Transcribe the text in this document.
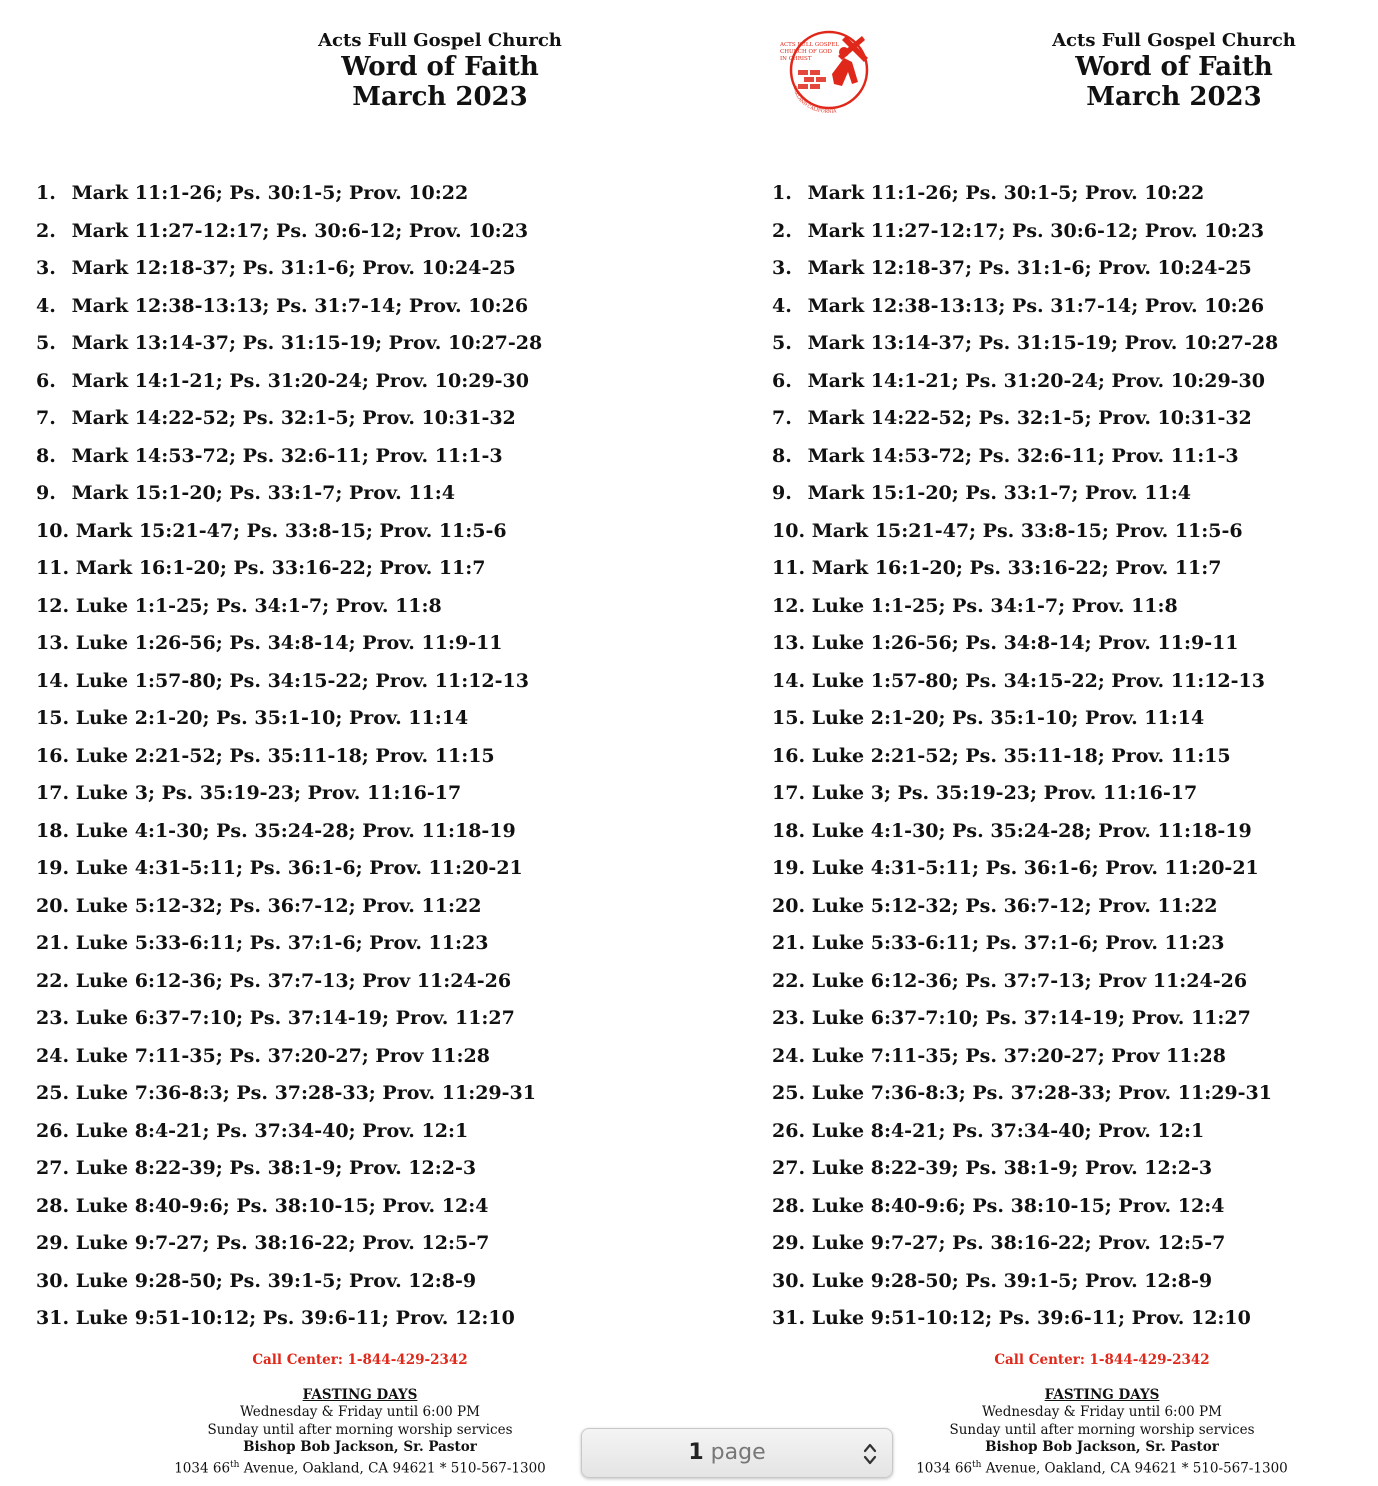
Acts Full Gospel Church
Word of Faith
March 2023
1. Mark 11:1-26; Ps. 30:1-5; Prov. 10:22
2. Mark 11:27-12:17; Ps. 30:6-12; Prov. 10:23
3. Mark 12:18-37; Ps. 31:1-6; Prov. 10:24-25
4. Mark 12:38-13:13; Ps. 31:7-14; Prov. 10:26
5. Mark 13:14-37; Ps. 31:15-19; Prov. 10:27-28
6. Mark 14:1-21; Ps. 31:20-24; Prov. 10:29-30
7. Mark 14:22-52; Ps. 32:1-5; Prov. 10:31-32
8. Mark 14:53-72; Ps. 32:6-11; Prov. 11:1-3
9. Mark 15:1-20; Ps. 33:1-7; Prov. 11:4
10. Mark 15:21-47; Ps. 33:8-15; Prov. 11:5-6
11. Mark 16:1-20; Ps. 33:16-22; Prov. 11:7
12. Luke 1:1-25; Ps. 34:1-7; Prov. 11:8
13. Luke 1:26-56; Ps. 34:8-14; Prov. 11:9-11
14. Luke 1:57-80; Ps. 34:15-22; Prov. 11:12-13
15. Luke 2:1-20; Ps. 35:1-10; Prov. 11:14
16. Luke 2:21-52; Ps. 35:11-18; Prov. 11:15
17. Luke 3; Ps. 35:19-23; Prov. 11:16-17
18. Luke 4:1-30; Ps. 35:24-28; Prov. 11:18-19
19. Luke 4:31-5:11; Ps. 36:1-6; Prov. 11:20-21
20. Luke 5:12-32; Ps. 36:7-12; Prov. 11:22
21. Luke 5:33-6:11; Ps. 37:1-6; Prov. 11:23
22. Luke 6:12-36; Ps. 37:7-13; Prov 11:24-26
23. Luke 6:37-7:10; Ps. 37:14-19; Prov. 11:27
24. Luke 7:11-35; Ps. 37:20-27; Prov 11:28
25. Luke 7:36-8:3; Ps. 37:28-33; Prov. 11:29-31
26. Luke 8:4-21; Ps. 37:34-40; Prov. 12:1
27. Luke 8:22-39; Ps. 38:1-9; Prov. 12:2-3
28. Luke 8:40-9:6; Ps. 38:10-15; Prov. 12:4
29. Luke 9:7-27; Ps. 38:16-22; Prov. 12:5-7
30. Luke 9:28-50; Ps. 39:1-5; Prov. 12:8-9
31. Luke 9:51-10:12; Ps. 39:6-11; Prov. 12:10
Call Center: 1-844-429-2342
FASTING DAYS
Wednesday & Friday until 6:00 PM
Sunday until after morning worship services
Bishop Bob Jackson, Sr. Pastor
1034 66th Avenue, Oakland, CA 94621 * 510-567-1300
Acts Full Gospel Church
Word of Faith
March 2023
1. Mark 11:1-26; Ps. 30:1-5; Prov. 10:22
2. Mark 11:27-12:17; Ps. 30:6-12; Prov. 10:23
3. Mark 12:18-37; Ps. 31:1-6; Prov. 10:24-25
4. Mark 12:38-13:13; Ps. 31:7-14; Prov. 10:26
5. Mark 13:14-37; Ps. 31:15-19; Prov. 10:27-28
6. Mark 14:1-21; Ps. 31:20-24; Prov. 10:29-30
7. Mark 14:22-52; Ps. 32:1-5; Prov. 10:31-32
8. Mark 14:53-72; Ps. 32:6-11; Prov. 11:1-3
9. Mark 15:1-20; Ps. 33:1-7; Prov. 11:4
10. Mark 15:21-47; Ps. 33:8-15; Prov. 11:5-6
11. Mark 16:1-20; Ps. 33:16-22; Prov. 11:7
12. Luke 1:1-25; Ps. 34:1-7; Prov. 11:8
13. Luke 1:26-56; Ps. 34:8-14; Prov. 11:9-11
14. Luke 1:57-80; Ps. 34:15-22; Prov. 11:12-13
15. Luke 2:1-20; Ps. 35:1-10; Prov. 11:14
16. Luke 2:21-52; Ps. 35:11-18; Prov. 11:15
17. Luke 3; Ps. 35:19-23; Prov. 11:16-17
18. Luke 4:1-30; Ps. 35:24-28; Prov. 11:18-19
19. Luke 4:31-5:11; Ps. 36:1-6; Prov. 11:20-21
20. Luke 5:12-32; Ps. 36:7-12; Prov. 11:22
21. Luke 5:33-6:11; Ps. 37:1-6; Prov. 11:23
22. Luke 6:12-36; Ps. 37:7-13; Prov 11:24-26
23. Luke 6:37-7:10; Ps. 37:14-19; Prov. 11:27
24. Luke 7:11-35; Ps. 37:20-27; Prov 11:28
25. Luke 7:36-8:3; Ps. 37:28-33; Prov. 11:29-31
26. Luke 8:4-21; Ps. 37:34-40; Prov. 12:1
27. Luke 8:22-39; Ps. 38:1-9; Prov. 12:2-3
28. Luke 8:40-9:6; Ps. 38:10-15; Prov. 12:4
29. Luke 9:7-27; Ps. 38:16-22; Prov. 12:5-7
30. Luke 9:28-50; Ps. 39:1-5; Prov. 12:8-9
31. Luke 9:51-10:12; Ps. 39:6-11; Prov. 12:10
Call Center: 1-844-429-2342
FASTING DAYS
Wednesday & Friday until 6:00 PM
Sunday until after morning worship services
Bishop Bob Jackson, Sr. Pastor
1034 66th Avenue, Oakland, CA 94621 * 510-567-1300
ACTS FULL GOSPEL
CHURCH OF GOD
IN CHRIST
OAKLAND CALIFORNIA
1 page
